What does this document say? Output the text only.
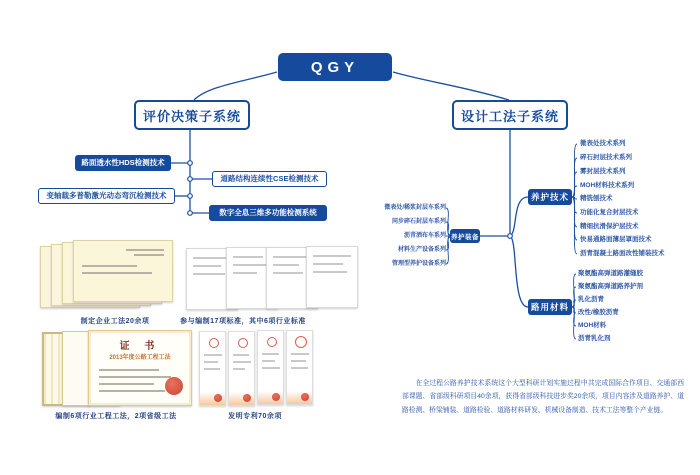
QGY
评价决策子系统	设计工法子系统
路面透水性HDS检测技术
道路结构连续性CSE检测技术
变轴载多普勒激光动态弯沉检测技术
数字全息三维多功能检测系统
养护装备
养护技术
路用材料
微表处/稀浆封层车系列
同步碎石封层车系列
沥青洒布车系列
材料生产设备系列
管理型养护设备系列
微表处技术系列
碎石封层技术系列
雾封层技术系列
MOH材料技术系列
精铣刨技术
功能化复合封层技术
精细抗滑保护层技术
快易通路面薄层罩面技术
沥青混凝土路面改性铺装技术
聚氨酯高弹道路灌缝胶
聚氨酯高弹道路养护剂
乳化沥青
改性/橡胶沥青
MOH材料
沥青乳化剂
制定企业工法20余项	参与编制17项标准，其中6项行业标准
证 书
2013年度公路工程工法
编制6项行业工程工法，2项省级工法	发明专利70余项
在全过程公路养护技术系统这个大型科研计划实施过程中共完成国际合作项目、交通部西部课题、省部级科研项目40余项，获得省部级科技进步奖20余项，项目内容涉及道路养护、道路检测、桥梁铺装、道路检验、道路材料研发、机械设备制造、技术工法等整个产业链。
